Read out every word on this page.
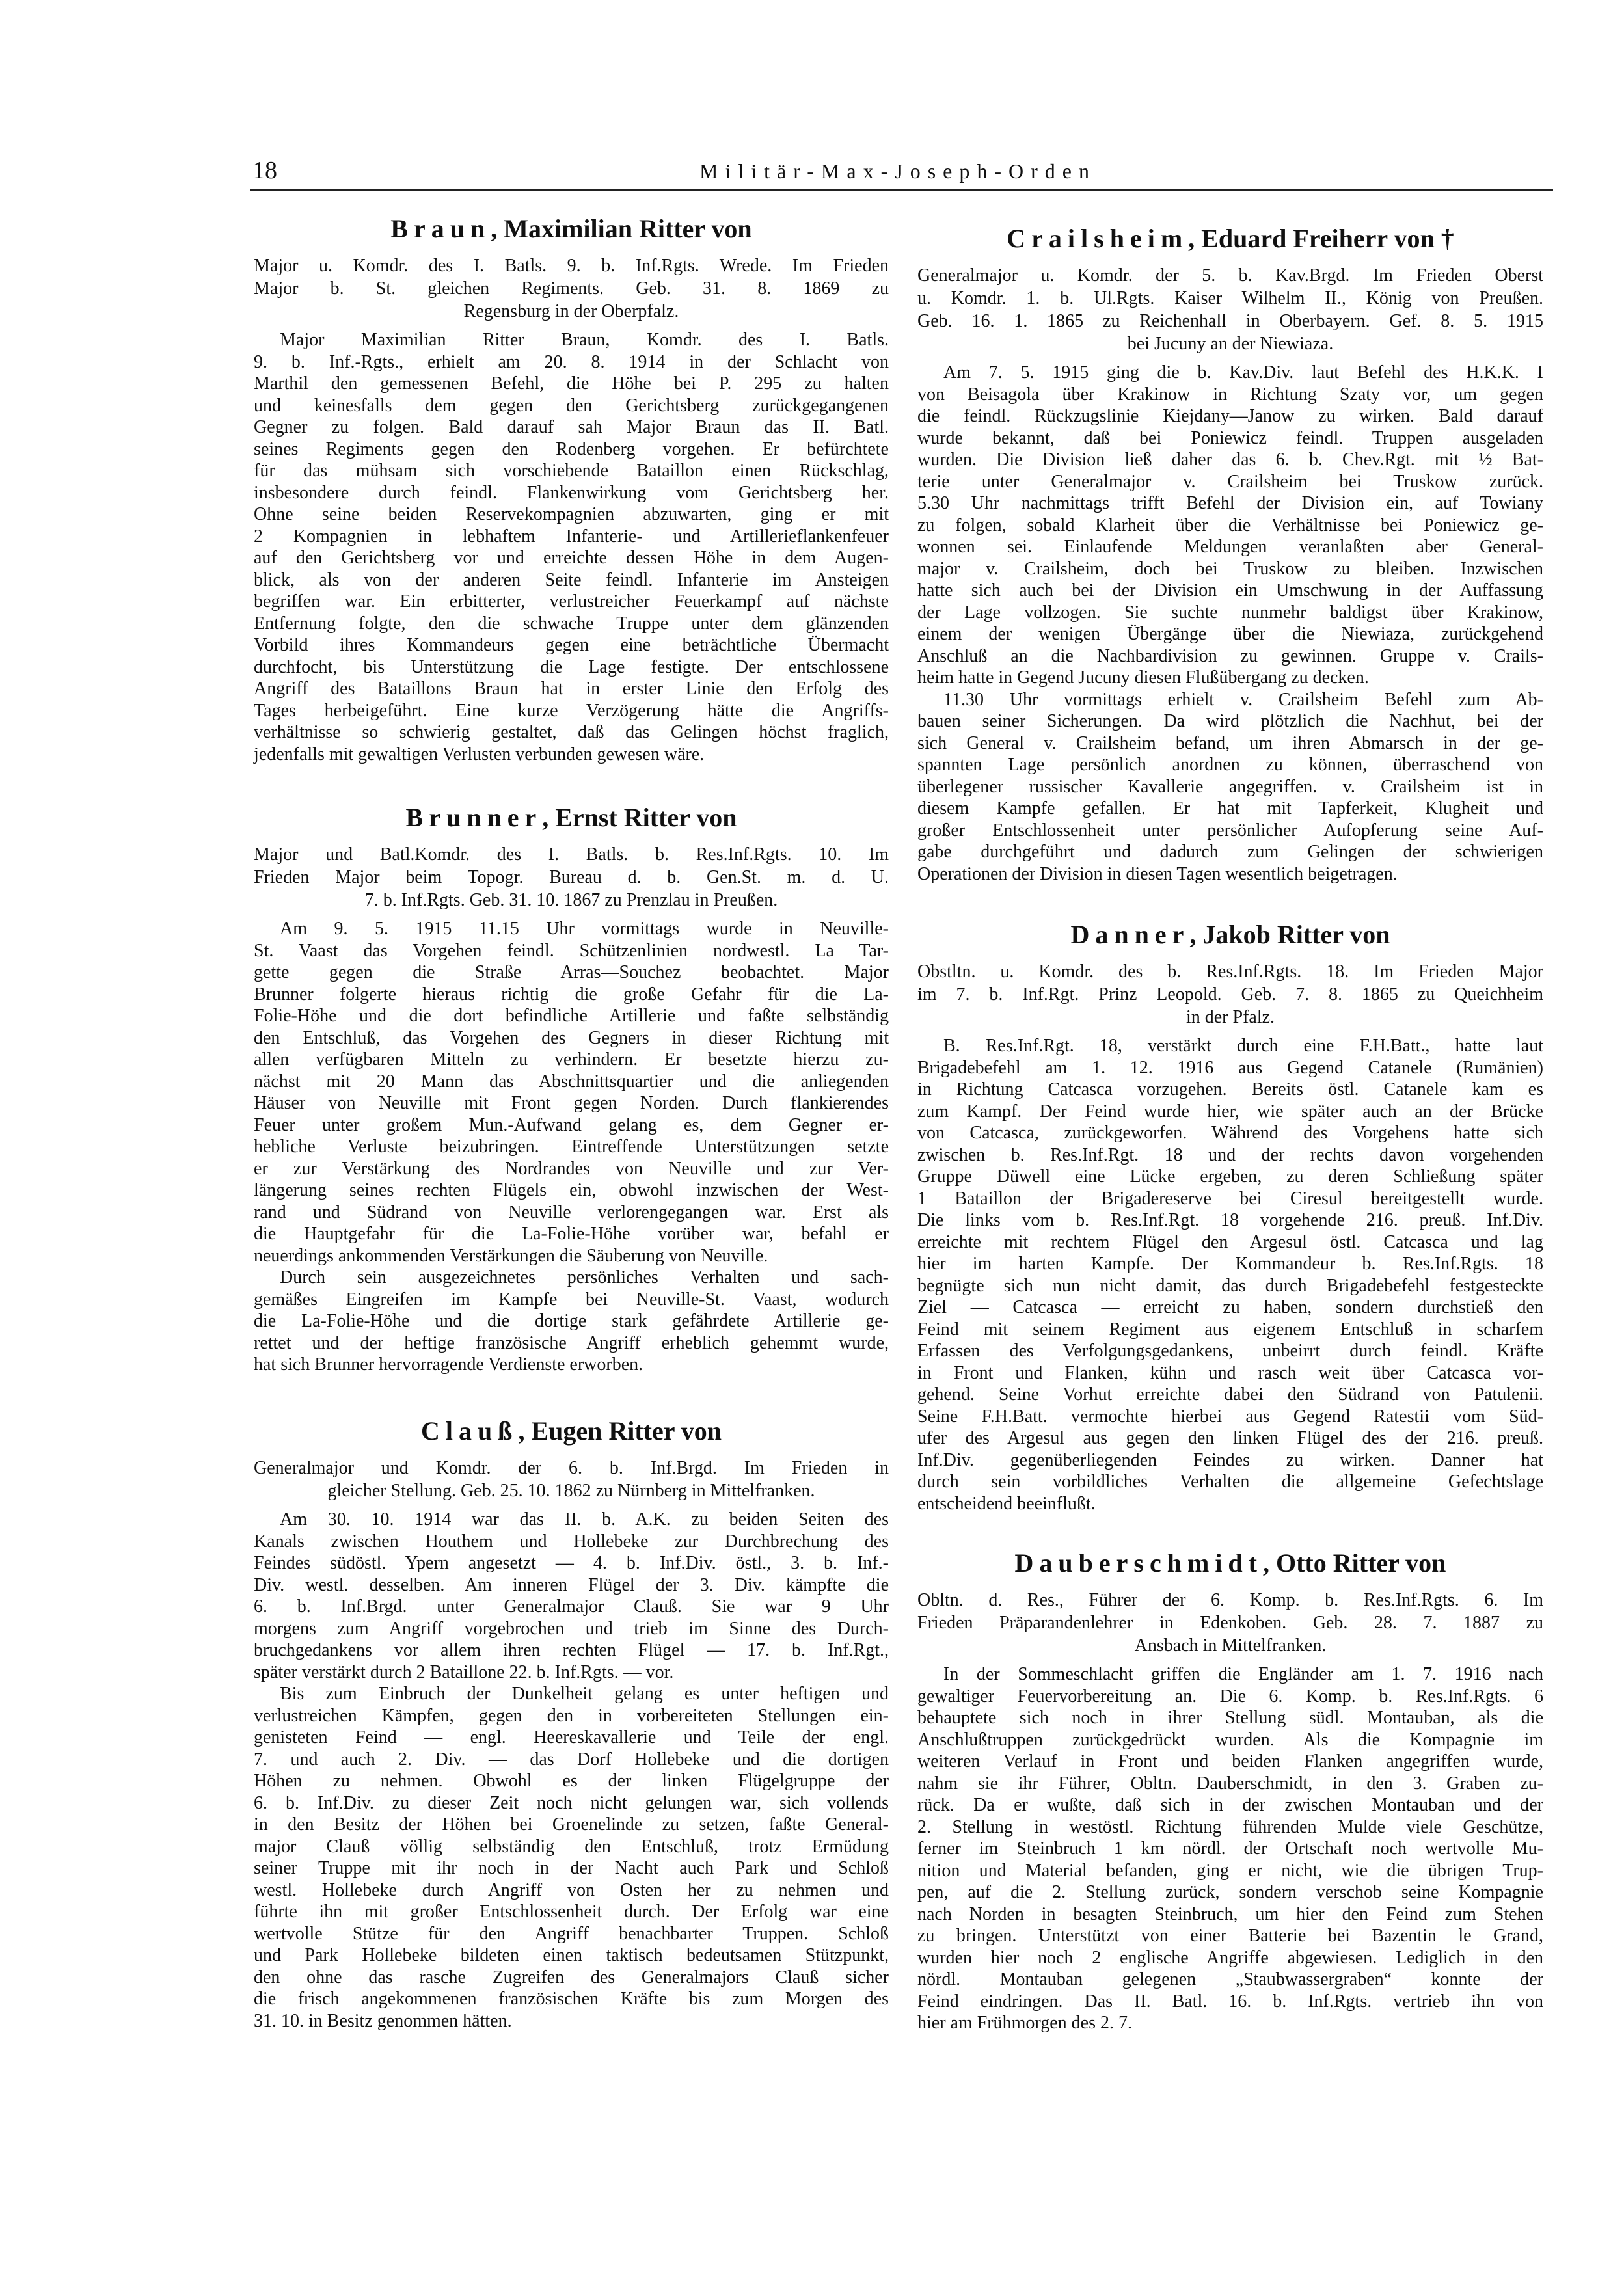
18	Militär-Max-Joseph-Orden
Braun, Maximilian Ritter von
Major u. Komdr. des I. Batls. 9. b. Inf.Rgts. Wrede. Im Frieden
Major b. St. gleichen Regiments. Geb. 31. 8. 1869 zu
Regensburg in der Oberpfalz.
Major Maximilian Ritter Braun, Komdr. des I. Batls.
9. b. Inf.-Rgts., erhielt am 20. 8. 1914 in der Schlacht von
Marthil den gemessenen Befehl, die Höhe bei P. 295 zu halten
und keinesfalls dem gegen den Gerichtsberg zurückgegangenen
Gegner zu folgen. Bald darauf sah Major Braun das II. Batl.
seines Regiments gegen den Rodenberg vorgehen. Er befürchtete
für das mühsam sich vorschiebende Bataillon einen Rückschlag,
insbesondere durch feindl. Flankenwirkung vom Gerichtsberg her.
Ohne seine beiden Reservekompagnien abzuwarten, ging er mit
2 Kompagnien in lebhaftem Infanterie- und Artillerieflankenfeuer
auf den Gerichtsberg vor und erreichte dessen Höhe in dem Augen-
blick, als von der anderen Seite feindl. Infanterie im Ansteigen
begriffen war. Ein erbitterter, verlustreicher Feuerkampf auf nächste
Entfernung folgte, den die schwache Truppe unter dem glänzenden
Vorbild ihres Kommandeurs gegen eine beträchtliche Übermacht
durchfocht, bis Unterstützung die Lage festigte. Der entschlossene
Angriff des Bataillons Braun hat in erster Linie den Erfolg des
Tages herbeigeführt. Eine kurze Verzögerung hätte die Angriffs-
verhältnisse so schwierig gestaltet, daß das Gelingen höchst fraglich,
jedenfalls mit gewaltigen Verlusten verbunden gewesen wäre.
Brunner, Ernst Ritter von
Major und Batl.Komdr. des I. Batls. b. Res.Inf.Rgts. 10. Im
Frieden Major beim Topogr. Bureau d. b. Gen.St. m. d. U.
7. b. Inf.Rgts. Geb. 31. 10. 1867 zu Prenzlau in Preußen.
Am 9. 5. 1915 11.15 Uhr vormittags wurde in Neuville-
St. Vaast das Vorgehen feindl. Schützenlinien nordwestl. La Tar-
gette gegen die Straße Arras—Souchez beobachtet. Major
Brunner folgerte hieraus richtig die große Gefahr für die La-
Folie-Höhe und die dort befindliche Artillerie und faßte selbständig
den Entschluß, das Vorgehen des Gegners in dieser Richtung mit
allen verfügbaren Mitteln zu verhindern. Er besetzte hierzu zu-
nächst mit 20 Mann das Abschnittsquartier und die anliegenden
Häuser von Neuville mit Front gegen Norden. Durch flankierendes
Feuer unter großem Mun.-Aufwand gelang es, dem Gegner er-
hebliche Verluste beizubringen. Eintreffende Unterstützungen setzte
er zur Verstärkung des Nordrandes von Neuville und zur Ver-
längerung seines rechten Flügels ein, obwohl inzwischen der West-
rand und Südrand von Neuville verlorengegangen war. Erst als
die Hauptgefahr für die La-Folie-Höhe vorüber war, befahl er
neuerdings ankommenden Verstärkungen die Säuberung von Neuville.
Durch sein ausgezeichnetes persönliches Verhalten und sach-
gemäßes Eingreifen im Kampfe bei Neuville-St. Vaast, wodurch
die La-Folie-Höhe und die dortige stark gefährdete Artillerie ge-
rettet und der heftige französische Angriff erheblich gehemmt wurde,
hat sich Brunner hervorragende Verdienste erworben.
Clauß, Eugen Ritter von
Generalmajor und Komdr. der 6. b. Inf.Brgd. Im Frieden in
gleicher Stellung. Geb. 25. 10. 1862 zu Nürnberg in Mittelfranken.
Am 30. 10. 1914 war das II. b. A.K. zu beiden Seiten des
Kanals zwischen Houthem und Hollebeke zur Durchbrechung des
Feindes südöstl. Ypern angesetzt — 4. b. Inf.Div. östl., 3. b. Inf.-
Div. westl. desselben. Am inneren Flügel der 3. Div. kämpfte die
6. b. Inf.Brgd. unter Generalmajor Clauß. Sie war 9 Uhr
morgens zum Angriff vorgebrochen und trieb im Sinne des Durch-
bruchgedankens vor allem ihren rechten Flügel — 17. b. Inf.Rgt.,
später verstärkt durch 2 Bataillone 22. b. Inf.Rgts. — vor.
Bis zum Einbruch der Dunkelheit gelang es unter heftigen und
verlustreichen Kämpfen, gegen den in vorbereiteten Stellungen ein-
genisteten Feind — engl. Heereskavallerie und Teile der engl.
7. und auch 2. Div. — das Dorf Hollebeke und die dortigen
Höhen zu nehmen. Obwohl es der linken Flügelgruppe der
6. b. Inf.Div. zu dieser Zeit noch nicht gelungen war, sich vollends
in den Besitz der Höhen bei Groenelinde zu setzen, faßte General-
major Clauß völlig selbständig den Entschluß, trotz Ermüdung
seiner Truppe mit ihr noch in der Nacht auch Park und Schloß
westl. Hollebeke durch Angriff von Osten her zu nehmen und
führte ihn mit großer Entschlossenheit durch. Der Erfolg war eine
wertvolle Stütze für den Angriff benachbarter Truppen. Schloß
und Park Hollebeke bildeten einen taktisch bedeutsamen Stützpunkt,
den ohne das rasche Zugreifen des Generalmajors Clauß sicher
die frisch angekommenen französischen Kräfte bis zum Morgen des
31. 10. in Besitz genommen hätten.
Crailsheim, Eduard Freiherr von †
Generalmajor u. Komdr. der 5. b. Kav.Brgd. Im Frieden Oberst
u. Komdr. 1. b. Ul.Rgts. Kaiser Wilhelm II., König von Preußen.
Geb. 16. 1. 1865 zu Reichenhall in Oberbayern. Gef. 8. 5. 1915
bei Jucuny an der Niewiaza.
Am 7. 5. 1915 ging die b. Kav.Div. laut Befehl des H.K.K. I
von Beisagola über Krakinow in Richtung Szaty vor, um gegen
die feindl. Rückzugslinie Kiejdany—Janow zu wirken. Bald darauf
wurde bekannt, daß bei Poniewicz feindl. Truppen ausgeladen
wurden. Die Division ließ daher das 6. b. Chev.Rgt. mit ½ Bat-
terie unter Generalmajor v. Crailsheim bei Truskow zurück.
5.30 Uhr nachmittags trifft Befehl der Division ein, auf Towiany
zu folgen, sobald Klarheit über die Verhältnisse bei Poniewicz ge-
wonnen sei. Einlaufende Meldungen veranlaßten aber General-
major v. Crailsheim, doch bei Truskow zu bleiben. Inzwischen
hatte sich auch bei der Division ein Umschwung in der Auffassung
der Lage vollzogen. Sie suchte nunmehr baldigst über Krakinow,
einem der wenigen Übergänge über die Niewiaza, zurückgehend
Anschluß an die Nachbardivision zu gewinnen. Gruppe v. Crails-
heim hatte in Gegend Jucuny diesen Flußübergang zu decken.
11.30 Uhr vormittags erhielt v. Crailsheim Befehl zum Ab-
bauen seiner Sicherungen. Da wird plötzlich die Nachhut, bei der
sich General v. Crailsheim befand, um ihren Abmarsch in der ge-
spannten Lage persönlich anordnen zu können, überraschend von
überlegener russischer Kavallerie angegriffen. v. Crailsheim ist in
diesem Kampfe gefallen. Er hat mit Tapferkeit, Klugheit und
großer Entschlossenheit unter persönlicher Aufopferung seine Auf-
gabe durchgeführt und dadurch zum Gelingen der schwierigen
Operationen der Division in diesen Tagen wesentlich beigetragen.
Danner, Jakob Ritter von
Obstltn. u. Komdr. des b. Res.Inf.Rgts. 18. Im Frieden Major
im 7. b. Inf.Rgt. Prinz Leopold. Geb. 7. 8. 1865 zu Queichheim
in der Pfalz.
B. Res.Inf.Rgt. 18, verstärkt durch eine F.H.Batt., hatte laut
Brigadebefehl am 1. 12. 1916 aus Gegend Catanele (Rumänien)
in Richtung Catcasca vorzugehen. Bereits östl. Catanele kam es
zum Kampf. Der Feind wurde hier, wie später auch an der Brücke
von Catcasca, zurückgeworfen. Während des Vorgehens hatte sich
zwischen b. Res.Inf.Rgt. 18 und der rechts davon vorgehenden
Gruppe Düwell eine Lücke ergeben, zu deren Schließung später
1 Bataillon der Brigadereserve bei Ciresul bereitgestellt wurde.
Die links vom b. Res.Inf.Rgt. 18 vorgehende 216. preuß. Inf.Div.
erreichte mit rechtem Flügel den Argesul östl. Catcasca und lag
hier im harten Kampfe. Der Kommandeur b. Res.Inf.Rgts. 18
begnügte sich nun nicht damit, das durch Brigadebefehl festgesteckte
Ziel — Catcasca — erreicht zu haben, sondern durchstieß den
Feind mit seinem Regiment aus eigenem Entschluß in scharfem
Erfassen des Verfolgungsgedankens, unbeirrt durch feindl. Kräfte
in Front und Flanken, kühn und rasch weit über Catcasca vor-
gehend. Seine Vorhut erreichte dabei den Südrand von Patulenii.
Seine F.H.Batt. vermochte hierbei aus Gegend Ratestii vom Süd-
ufer des Argesul aus gegen den linken Flügel des der 216. preuß.
Inf.Div. gegenüberliegenden Feindes zu wirken. Danner hat
durch sein vorbildliches Verhalten die allgemeine Gefechtslage
entscheidend beeinflußt.
Dauberschmidt, Otto Ritter von
Obltn. d. Res., Führer der 6. Komp. b. Res.Inf.Rgts. 6. Im
Frieden Präparandenlehrer in Edenkoben. Geb. 28. 7. 1887 zu
Ansbach in Mittelfranken.
In der Sommeschlacht griffen die Engländer am 1. 7. 1916 nach
gewaltiger Feuervorbereitung an. Die 6. Komp. b. Res.Inf.Rgts. 6
behauptete sich noch in ihrer Stellung südl. Montauban, als die
Anschlußtruppen zurückgedrückt wurden. Als die Kompagnie im
weiteren Verlauf in Front und beiden Flanken angegriffen wurde,
nahm sie ihr Führer, Obltn. Dauberschmidt, in den 3. Graben zu-
rück. Da er wußte, daß sich in der zwischen Montauban und der
2. Stellung in westöstl. Richtung führenden Mulde viele Geschütze,
ferner im Steinbruch 1 km nördl. der Ortschaft noch wertvolle Mu-
nition und Material befanden, ging er nicht, wie die übrigen Trup-
pen, auf die 2. Stellung zurück, sondern verschob seine Kompagnie
nach Norden in besagten Steinbruch, um hier den Feind zum Stehen
zu bringen. Unterstützt von einer Batterie bei Bazentin le Grand,
wurden hier noch 2 englische Angriffe abgewiesen. Lediglich in den
nördl. Montauban gelegenen „Staubwassergraben“ konnte der
Feind eindringen. Das II. Batl. 16. b. Inf.Rgts. vertrieb ihn von
hier am Frühmorgen des 2. 7.
